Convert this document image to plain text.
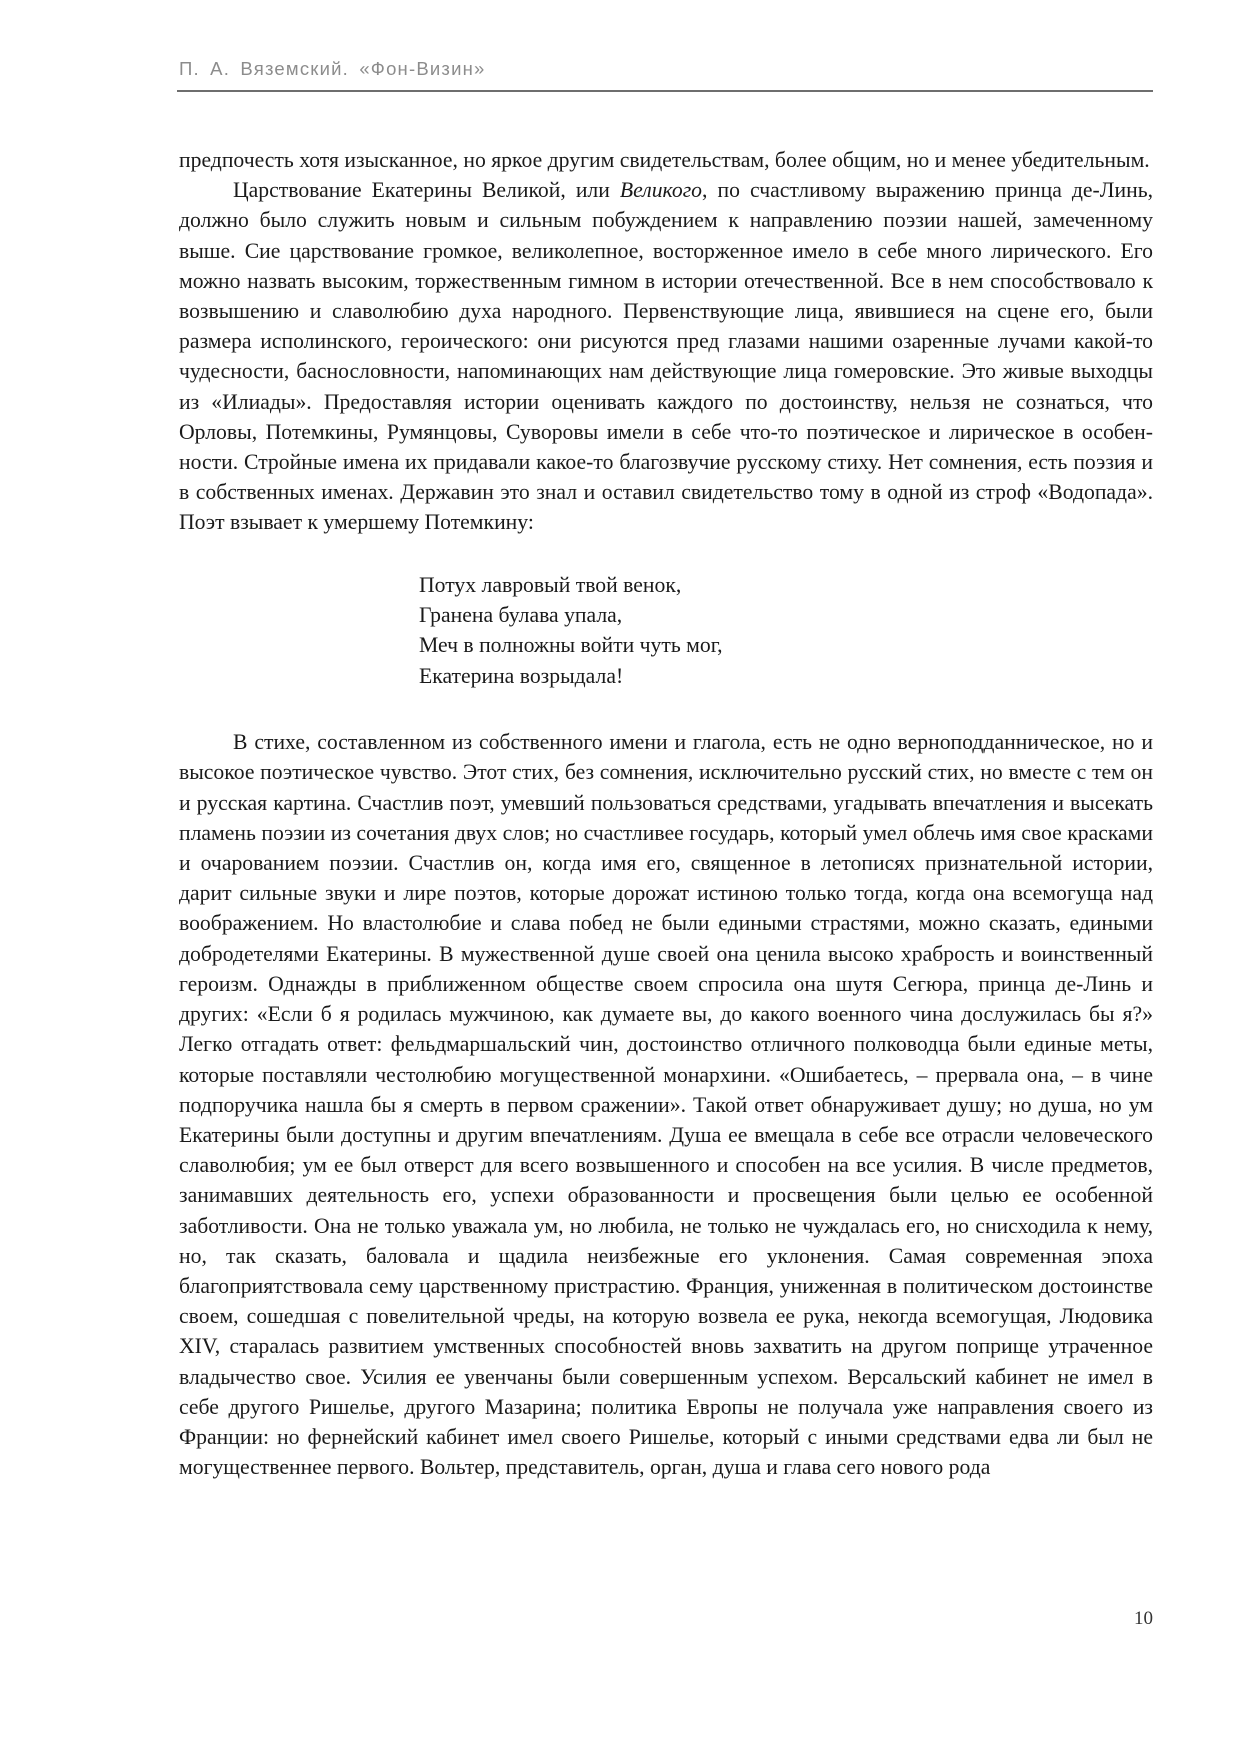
П. А. Вяземский. «Фон-Визин»

предпочесть хотя изысканное, но яркое другим свидетельствам, более общим, но и менее убедительным.

Царствование Екатерины Великой, или Великого, по счастливому выражению принца де-Линь, должно было служить новым и сильным побуждением к направлению поэзии нашей, замеченному выше. Сие царствование громкое, великолепное, восторженное имело в себе много лирического. Его можно назвать высоким, торжественным гимном в истории отечественной. Все в нем способствовало к возвышению и славолюбию духа народного. Первенствующие лица, явившиеся на сцене его, были размера исполинского, героического: они рисуются пред глазами нашими озаренные лучами какой-то чудесности, баснословности, напоминающих нам действующие лица гомеровские. Это живые выходцы из «Илиады». Предоставляя истории оценивать каждого по достоинству, нельзя не сознаться, что Орловы, Потемкины, Румянцовы, Суворовы имели в себе что-то поэтическое и лирическое в особенности. Стройные имена их придавали какое-то благозвучие русскому стиху. Нет сомнения, есть поэзия и в собственных именах. Державин это знал и оставил свидетельство тому в одной из строф «Водопада». Поэт взывает к умершему Потемкину:

Потух лавровый твой венок,
Гранена булава упала,
Меч в полножны войти чуть мог,
Екатерина возрыдала!

В стихе, составленном из собственного имени и глагола, есть не одно верноподданническое, но и высокое поэтическое чувство. Этот стих, без сомнения, исключительно русский стих, но вместе с тем он и русская картина. Счастлив поэт, умевший пользоваться средствами, угадывать впечатления и высекать пламень поэзии из сочетания двух слов; но счастливее государь, который умел облечь имя свое красками и очарованием поэзии. Счастлив он, когда имя его, священное в летописях признательной истории, дарит сильные звуки и лире поэтов, которые дорожат истиною только тогда, когда она всемогуща над воображением. Но властолюбие и слава побед не были едиными страстями, можно сказать, едиными добродетелями Екатерины. В мужественной душе своей она ценила высоко храбрость и воинственный героизм. Однажды в приближенном обществе своем спросила она шутя Сегюра, принца де-Линь и других: «Если б я родилась мужчиною, как думаете вы, до какого военного чина дослужилась бы я?» Легко отгадать ответ: фельдмаршальский чин, достоинство отличного полководца были единые меты, которые поставляли честолюбию могущественной монархини. «Ошибаетесь, – прервала она, – в чине подпоручика нашла бы я смерть в первом сражении». Такой ответ обнаруживает душу; но душа, но ум Екатерины были доступны и другим впечатлениям. Душа ее вмещала в себе все отрасли человеческого славолюбия; ум ее был отверст для всего возвышенного и способен на все усилия. В числе предметов, занимавших деятельность его, успехи образованности и просвещения были целью ее особенной заботливости. Она не только уважала ум, но любила, не только не чуждалась его, но снисходила к нему, но, так сказать, баловала и щадила неизбежные его уклонения. Самая современная эпоха благоприятствовала сему царственному пристрастию. Франция, униженная в политическом достоинстве своем, сошедшая с повелительной чреды, на которую возвела ее рука, некогда всемогущая, Людовика XIV, старалась развитием умственных способностей вновь захватить на другом поприще утраченное владычество свое. Усилия ее увенчаны были совершенным успехом. Версальский кабинет не имел в себе другого Ришелье, другого Мазарина; политика Европы не получала уже направления своего из Франции: но фернейский кабинет имел своего Ришелье, который с иными средствами едва ли был не могущественнее первого. Вольтер, представитель, орган, душа и глава сего нового рода

10
